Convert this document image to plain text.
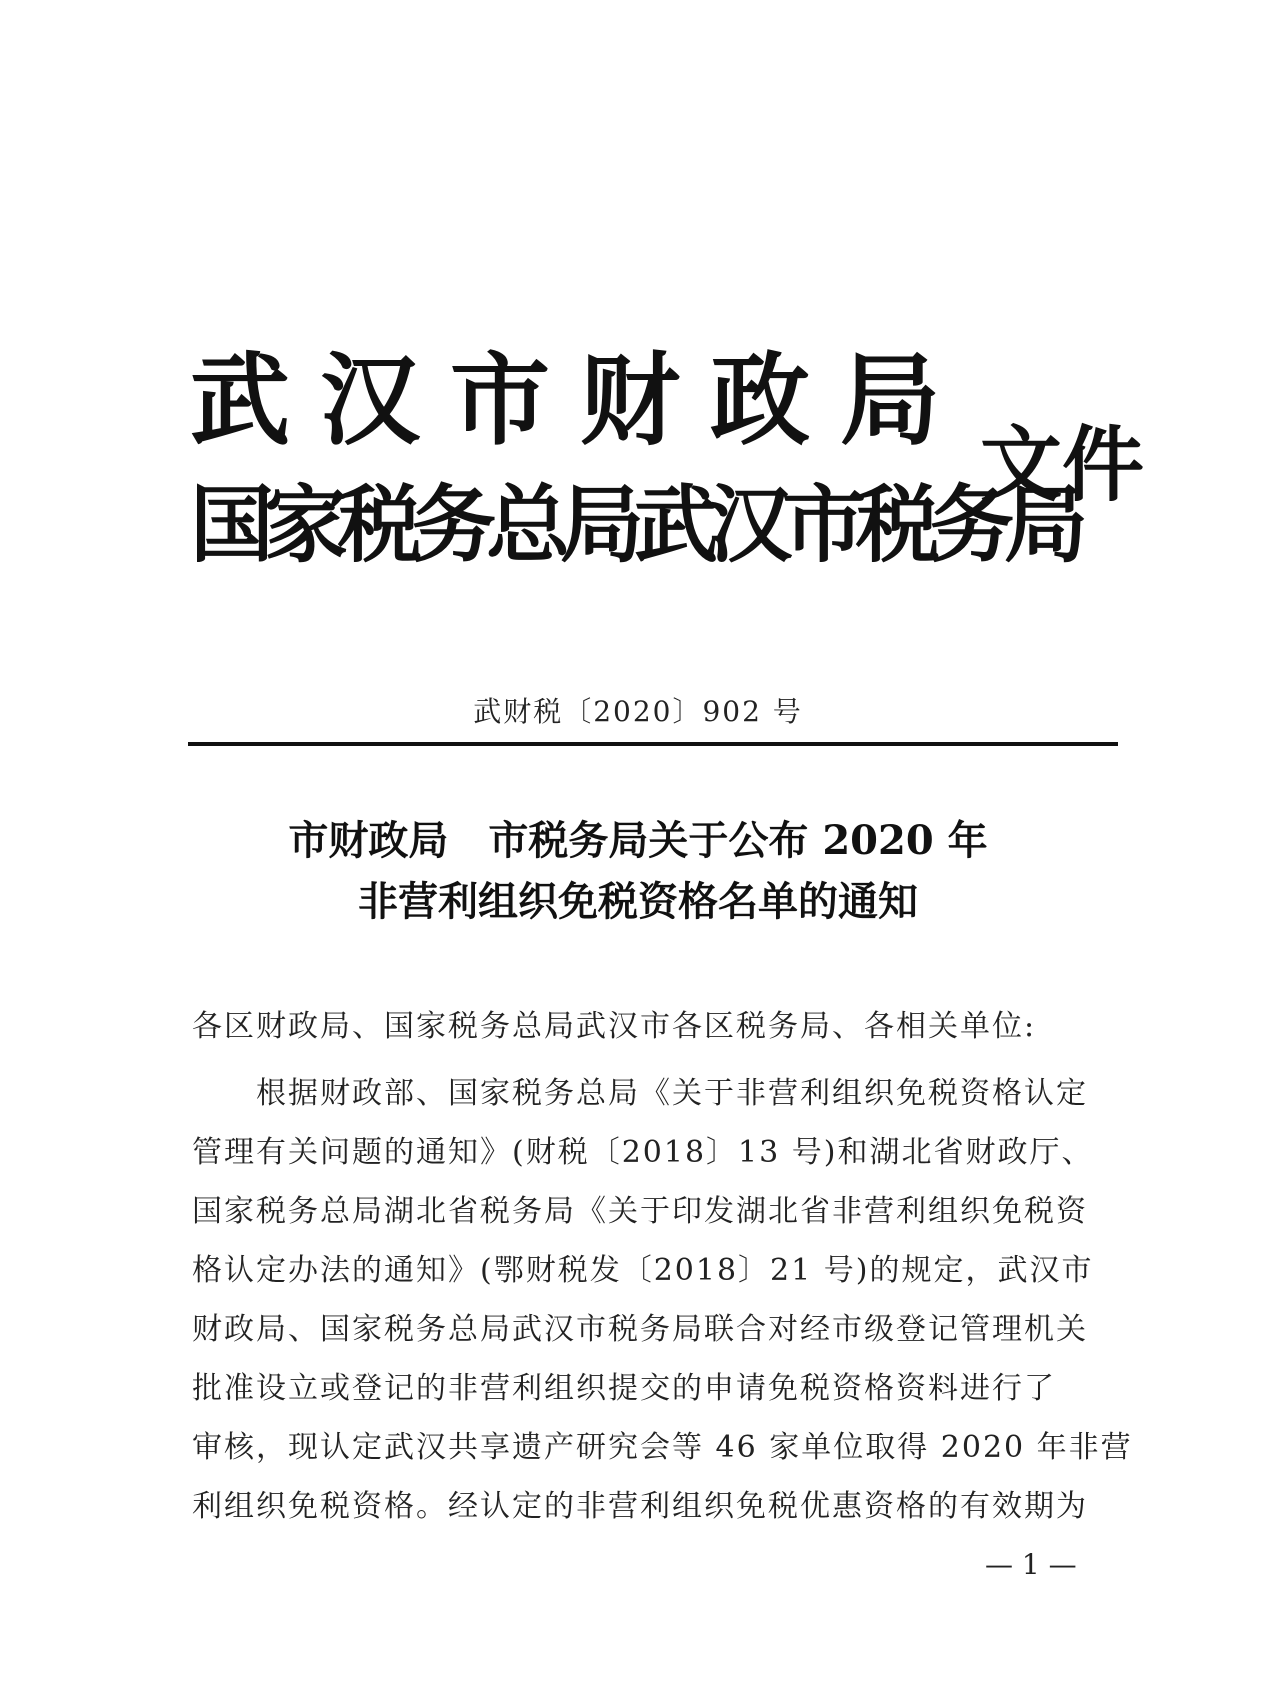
武汉市财政局
国家税务总局武汉市税务局
文件
武财税〔2020〕902 号
市财政局　市税务局关于公布 2020 年
非营利组织免税资格名单的通知
各区财政局、国家税务总局武汉市各区税务局、各相关单位:
根据财政部、国家税务总局《关于非营利组织免税资格认定
管理有关问题的通知》(财税〔2018〕13 号)和湖北省财政厅、
国家税务总局湖北省税务局《关于印发湖北省非营利组织免税资
格认定办法的通知》(鄂财税发〔2018〕21 号)的规定，武汉市
财政局、国家税务总局武汉市税务局联合对经市级登记管理机关
批准设立或登记的非营利组织提交的申请免税资格资料进行了
审核，现认定武汉共享遗产研究会等 46 家单位取得 2020 年非营
利组织免税资格。经认定的非营利组织免税优惠资格的有效期为
— 1 —
